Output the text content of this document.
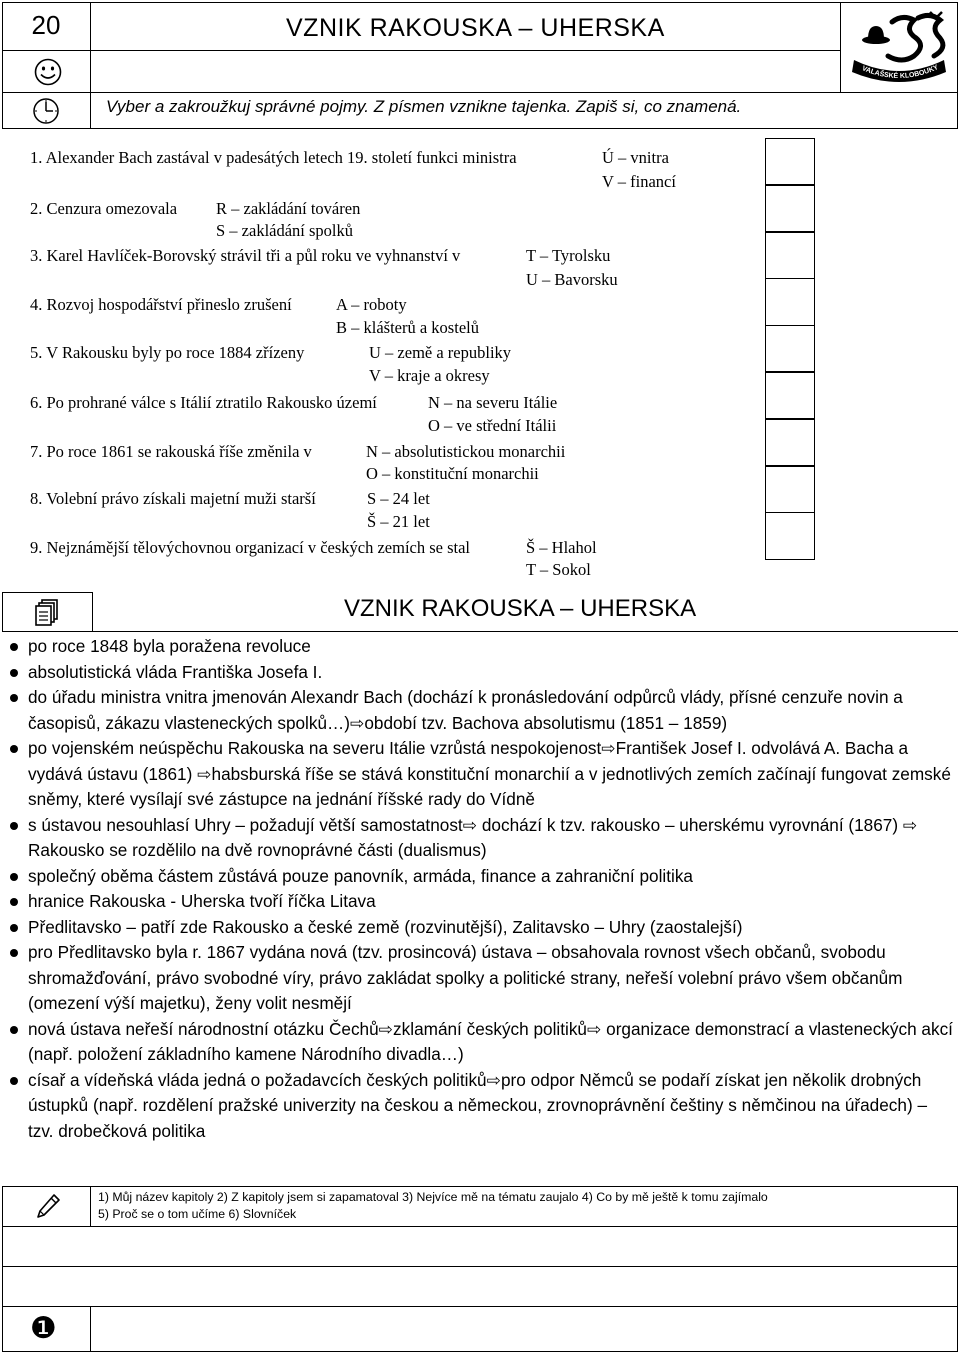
20	VZNIK RAKOUSKA – UHERSKA
VALAŠSKÉ KLOBOUKY
Vyber a zakroužkuj správné pojmy. Z písmen vznikne tajenka. Zapiš si, co znamená.
1. Alexander Bach zastával v padesátých letech 19. století funkci ministra	Ú – vnitra
V – financí
2. Cenzura omezovala R – zakládání továren
S – zakládání spolků
3. Karel Havlíček-Borovský strávil tři a půl roku ve vyhnanství v	T – Tyrolsku
U – Bavorsku
4. Rozvoj hospodářství přineslo zrušení	A – roboty
B – klášterů a kostelů
5. V Rakousku byly po roce 1884 zřízeny	U – země a republiky
V – kraje a okresy
6. Po prohrané válce s Itálií ztratilo Rakousko území	N – na severu Itálie
O – ve střední Itálii
7. Po roce 1861 se rakouská říše změnila v	N – absolutistickou monarchii
O – konstituční monarchii
8. Volební právo získali majetní muži starší	S – 24 let
Š – 21 let
9. Nejznámější tělovýchovnou organizací v českých zemích se stal	Š – Hlahol
T – Sokol
VZNIK RAKOUSKA – UHERSKA
po roce 1848 byla poražena revoluce
absolutistická vláda Františka Josefa I.
do úřadu ministra vnitra jmenován Alexandr Bach (dochází k pronásledování odpůrců vlády, přísné cenzuře novin a časopisů, zákazu vlasteneckých spolků…)⇨období tzv. Bachova absolutismu (1851 – 1859)
po vojenském neúspěchu Rakouska na severu Itálie vzrůstá nespokojenost⇨František Josef I. odvolává A. Bacha a vydává ústavu (1861) ⇨habsburská říše se stává konstituční monarchií a v jednotlivých zemích začínají fungovat zemské sněmy, které vysílají své zástupce na jednání říšské rady do Vídně
s ústavou nesouhlasí Uhry – požadují větší samostatnost⇨ dochází k tzv. rakousko – uherskému vyrovnání (1867) ⇨ Rakousko se rozdělilo na dvě rovnoprávné části (dualismus)
společný oběma částem zůstává pouze panovník, armáda, finance a zahraniční politika
hranice Rakouska - Uherska tvoří říčka Litava
Předlitavsko – patří zde Rakousko a české země (rozvinutější), Zalitavsko – Uhry (zaostalejší)
pro Předlitavsko byla r. 1867 vydána nová (tzv. prosincová) ústava – obsahovala rovnost všech občanů, svobodu shromažďování, právo svobodné víry, právo zakládat spolky a politické strany, neřeší volební právo všem občanům (omezení výší majetku), ženy volit nesmějí
nová ústava neřeší národnostní otázku Čechů⇨zklamání českých politiků⇨ organizace demonstrací a vlasteneckých akcí (např. položení základního kamene Národního divadla…)
císař a vídeňská vláda jedná o požadavcích českých politiků⇨pro odpor Němců se podaří získat jen několik drobných ústupků (např. rozdělení pražské univerzity na českou a německou, zrovnoprávnění češtiny s němčinou na úřadech) – tzv. drobečková politika
1) Můj název kapitoly 2) Z kapitoly jsem si zapamatoval 3) Nejvíce mě na tématu zaujalo 4) Co by mě ještě k tomu zajímalo
5) Proč se o tom učíme 6) Slovníček
❶
